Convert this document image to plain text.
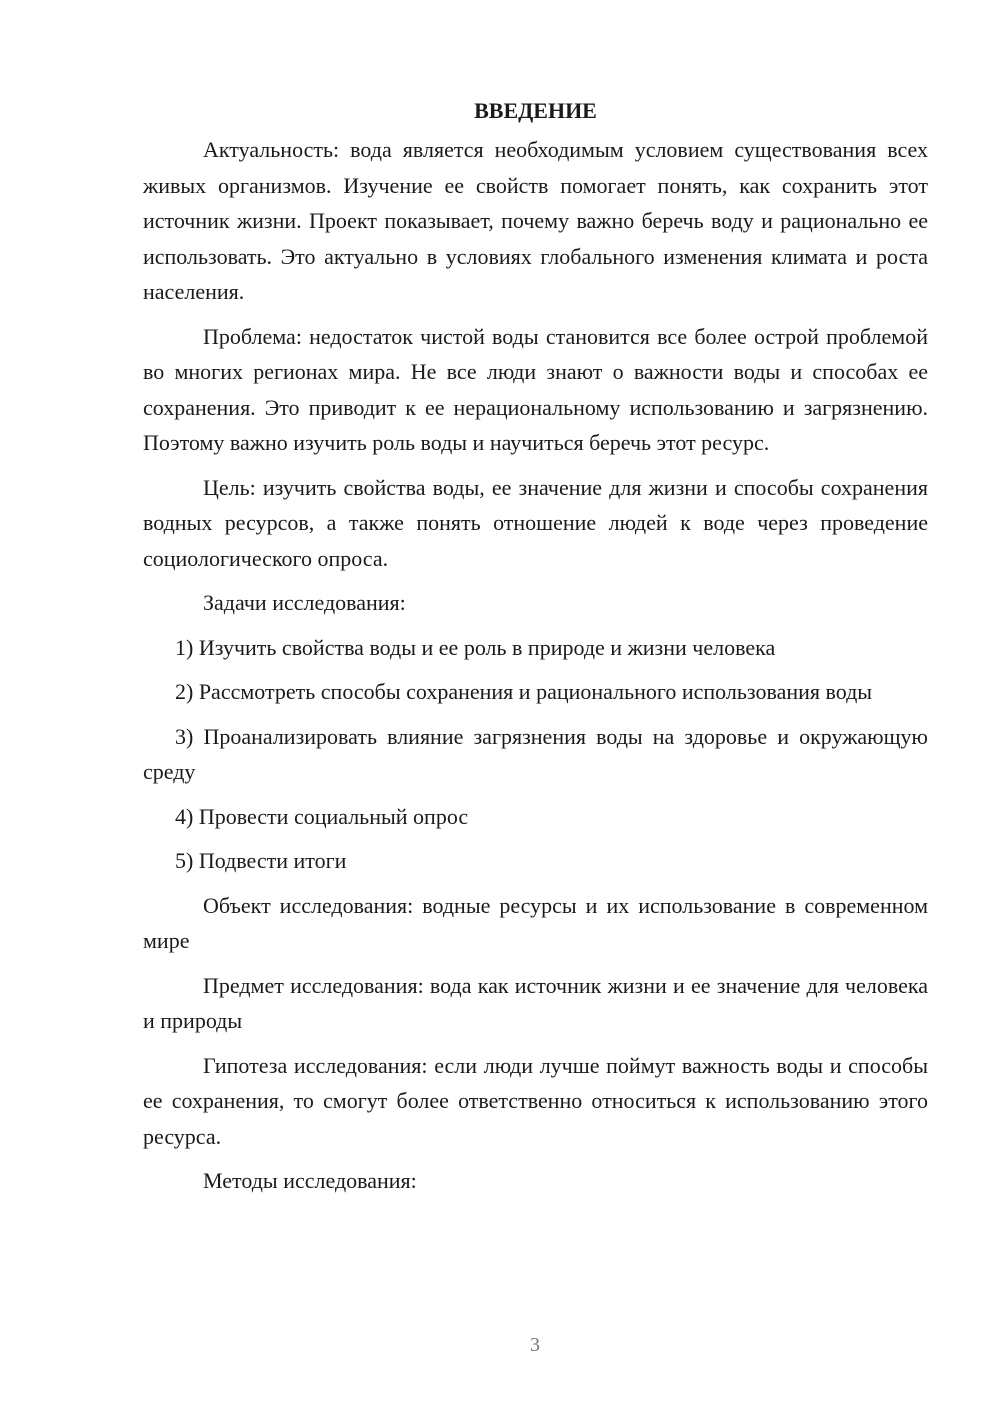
ВВЕДЕНИЕ

Актуальность: вода является необходимым условием существования всех живых организмов. Изучение ее свойств помогает понять, как сохранить этот источник жизни. Проект показывает, почему важно беречь воду и рационально ее использовать. Это актуально в условиях глобального изменения климата и роста населения.

Проблема: недостаток чистой воды становится все более острой проблемой во многих регионах мира. Не все люди знают о важности воды и способах ее сохранения. Это приводит к ее нерациональному использованию и загрязнению. Поэтому важно изучить роль воды и научиться беречь этот ресурс.

Цель: изучить свойства воды, ее значение для жизни и способы сохранения водных ресурсов, а также понять отношение людей к воде через проведение социологического опроса.

Задачи исследования:

1) Изучить свойства воды и ее роль в природе и жизни человека

2) Рассмотреть способы сохранения и рационального использования воды

3) Проанализировать влияние загрязнения воды на здоровье и окружающую среду

4) Провести социальный опрос

5) Подвести итоги

Объект исследования: водные ресурсы и их использование в современном мире

Предмет исследования: вода как источник жизни и ее значение для человека и природы

Гипотеза исследования: если люди лучше поймут важность воды и способы ее сохранения, то смогут более ответственно относиться к использованию этого ресурса.

Методы исследования:

3
